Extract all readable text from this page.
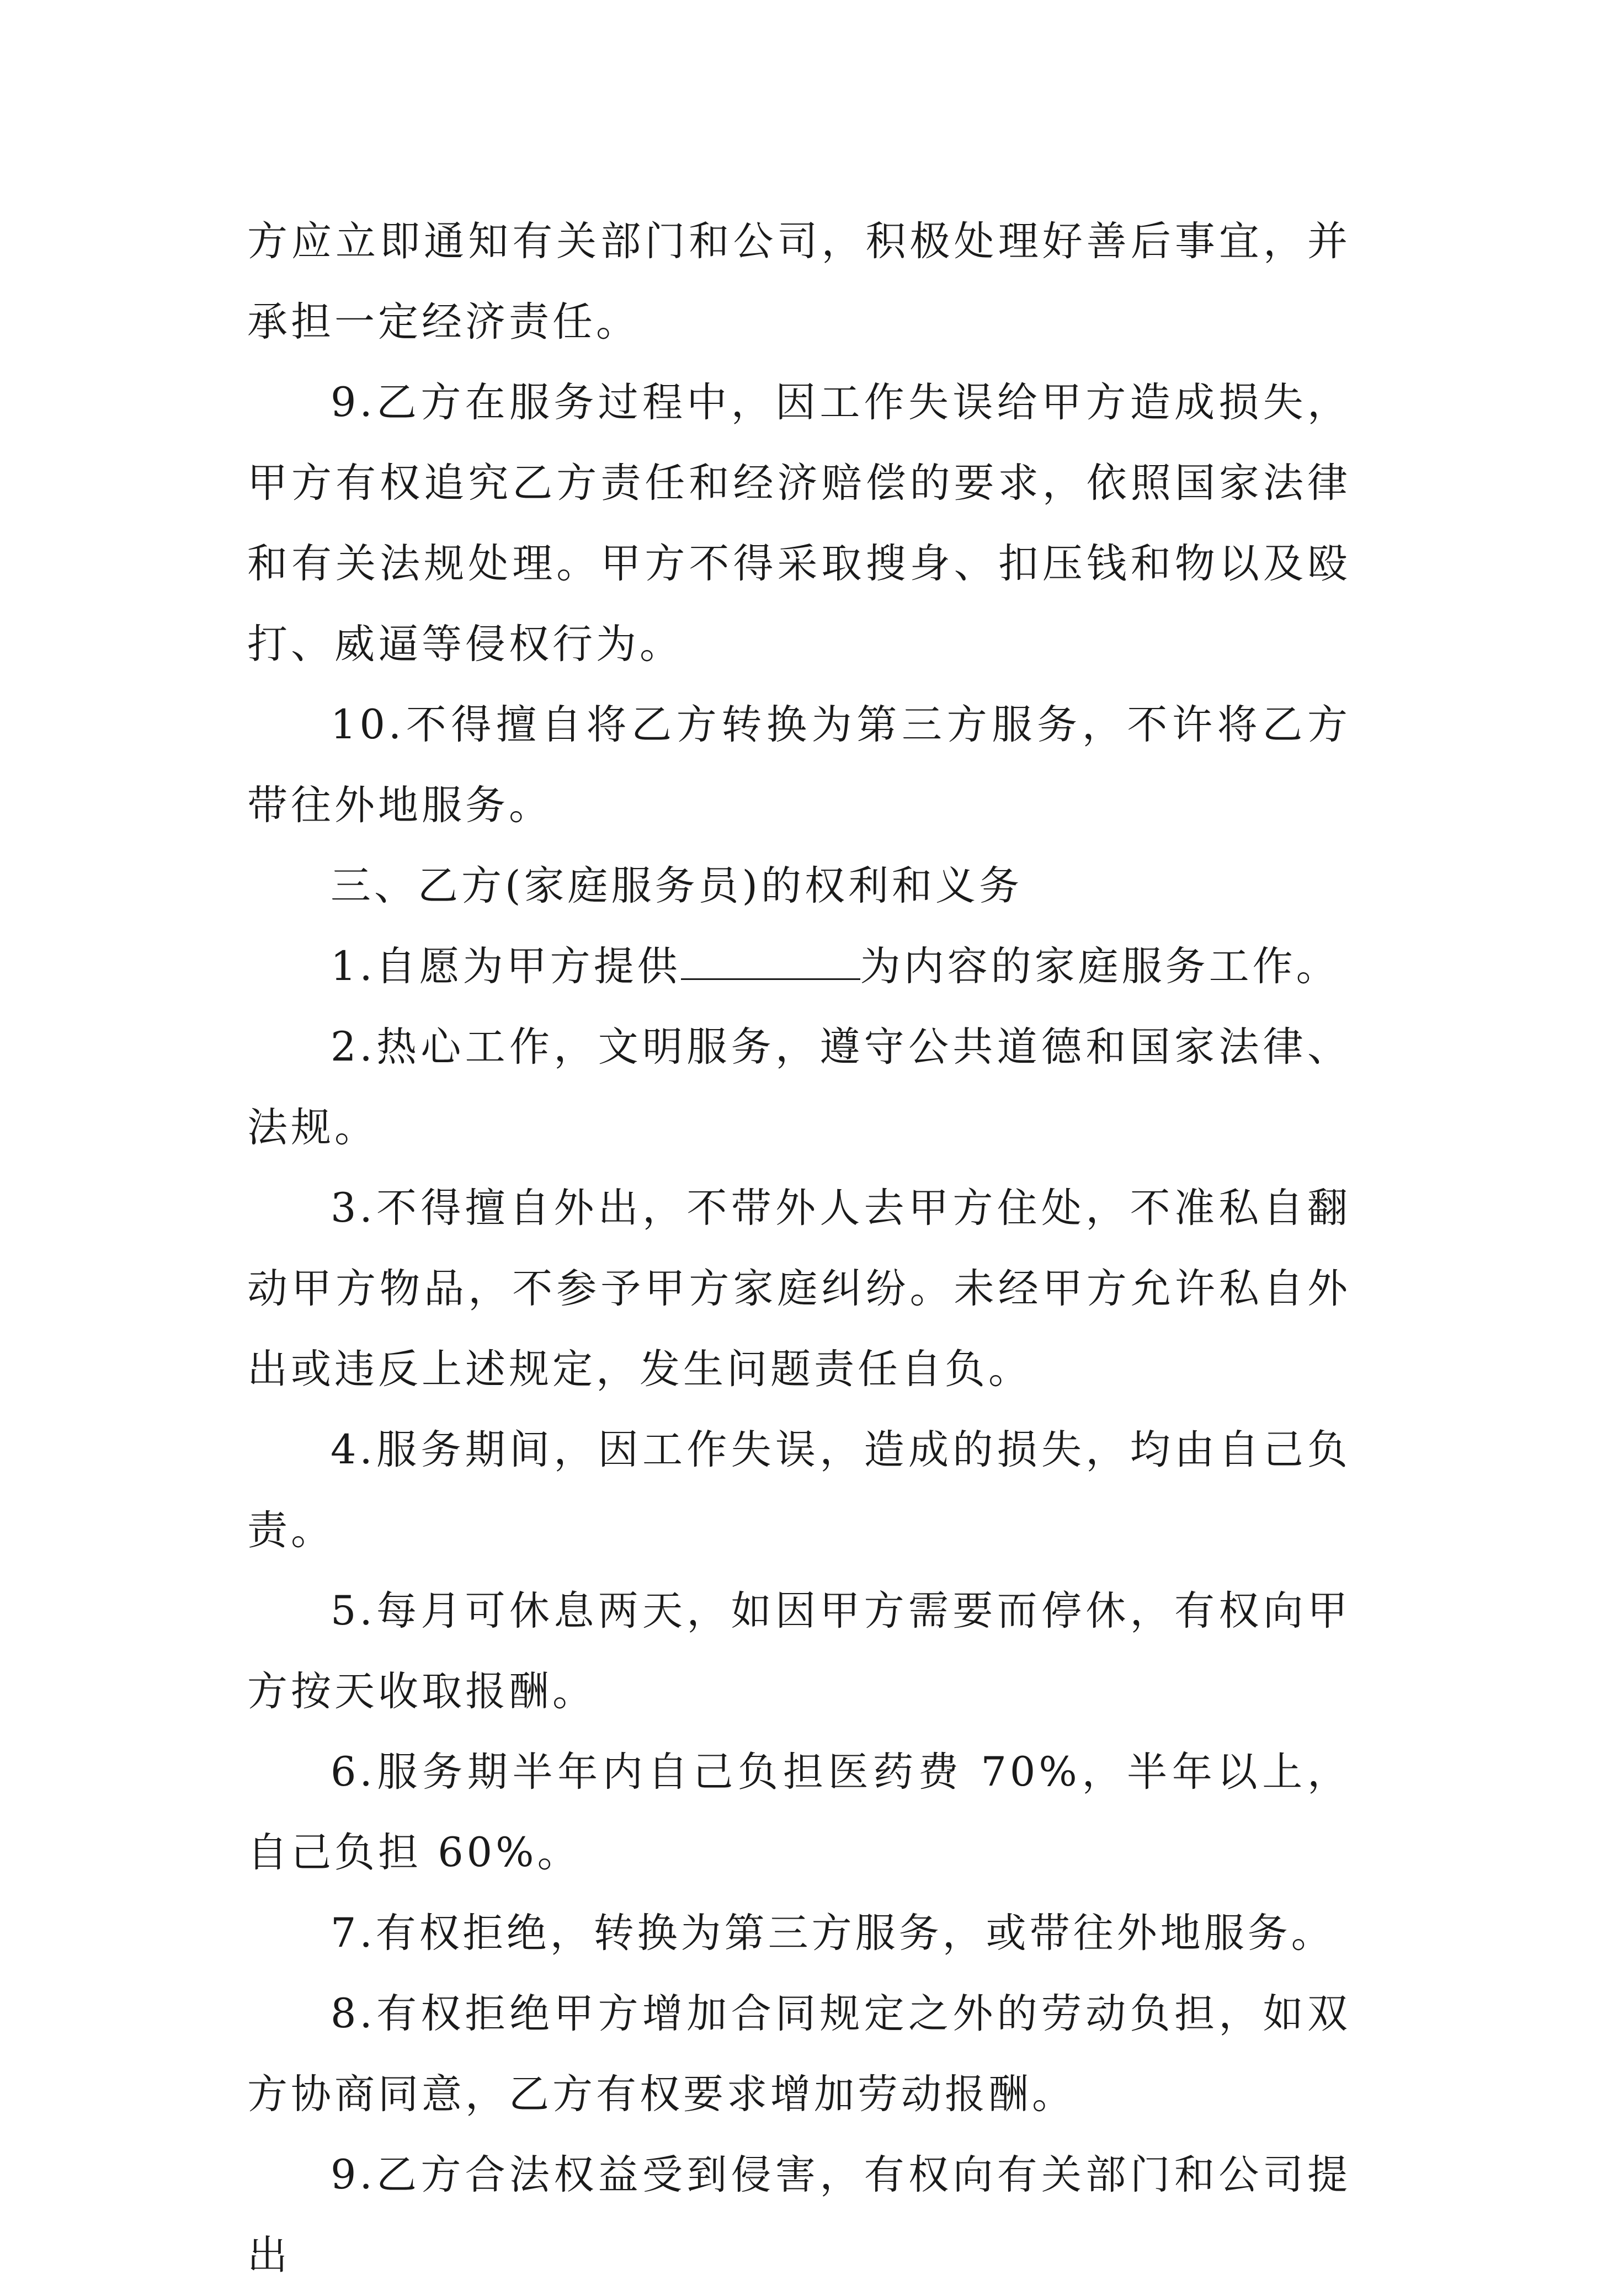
方应立即通知有关部门和公司，积极处理好善后事宜，并承担一定经济责任。

9.乙方在服务过程中，因工作失误给甲方造成损失，甲方有权追究乙方责任和经济赔偿的要求，依照国家法律和有关法规处理。甲方不得采取搜身、扣压钱和物以及殴打、威逼等侵权行为。

10.不得擅自将乙方转换为第三方服务，不许将乙方带往外地服务。

三、乙方(家庭服务员)的权利和义务

1.自愿为甲方提供	为内容的家庭服务工作。

2.热心工作，文明服务，遵守公共道德和国家法律、法规。

3.不得擅自外出，不带外人去甲方住处，不准私自翻动甲方物品，不参予甲方家庭纠纷。未经甲方允许私自外出或违反上述规定，发生问题责任自负。

4.服务期间，因工作失误，造成的损失，均由自己负责。

5.每月可休息两天，如因甲方需要而停休，有权向甲方按天收取报酬。

6.服务期半年内自己负担医药费 70%，半年以上，自己负担 60%。

7.有权拒绝，转换为第三方服务，或带往外地服务。

8.有权拒绝甲方增加合同规定之外的劳动负担，如双方协商同意，乙方有权要求增加劳动报酬。

9.乙方合法权益受到侵害，有权向有关部门和公司提出
